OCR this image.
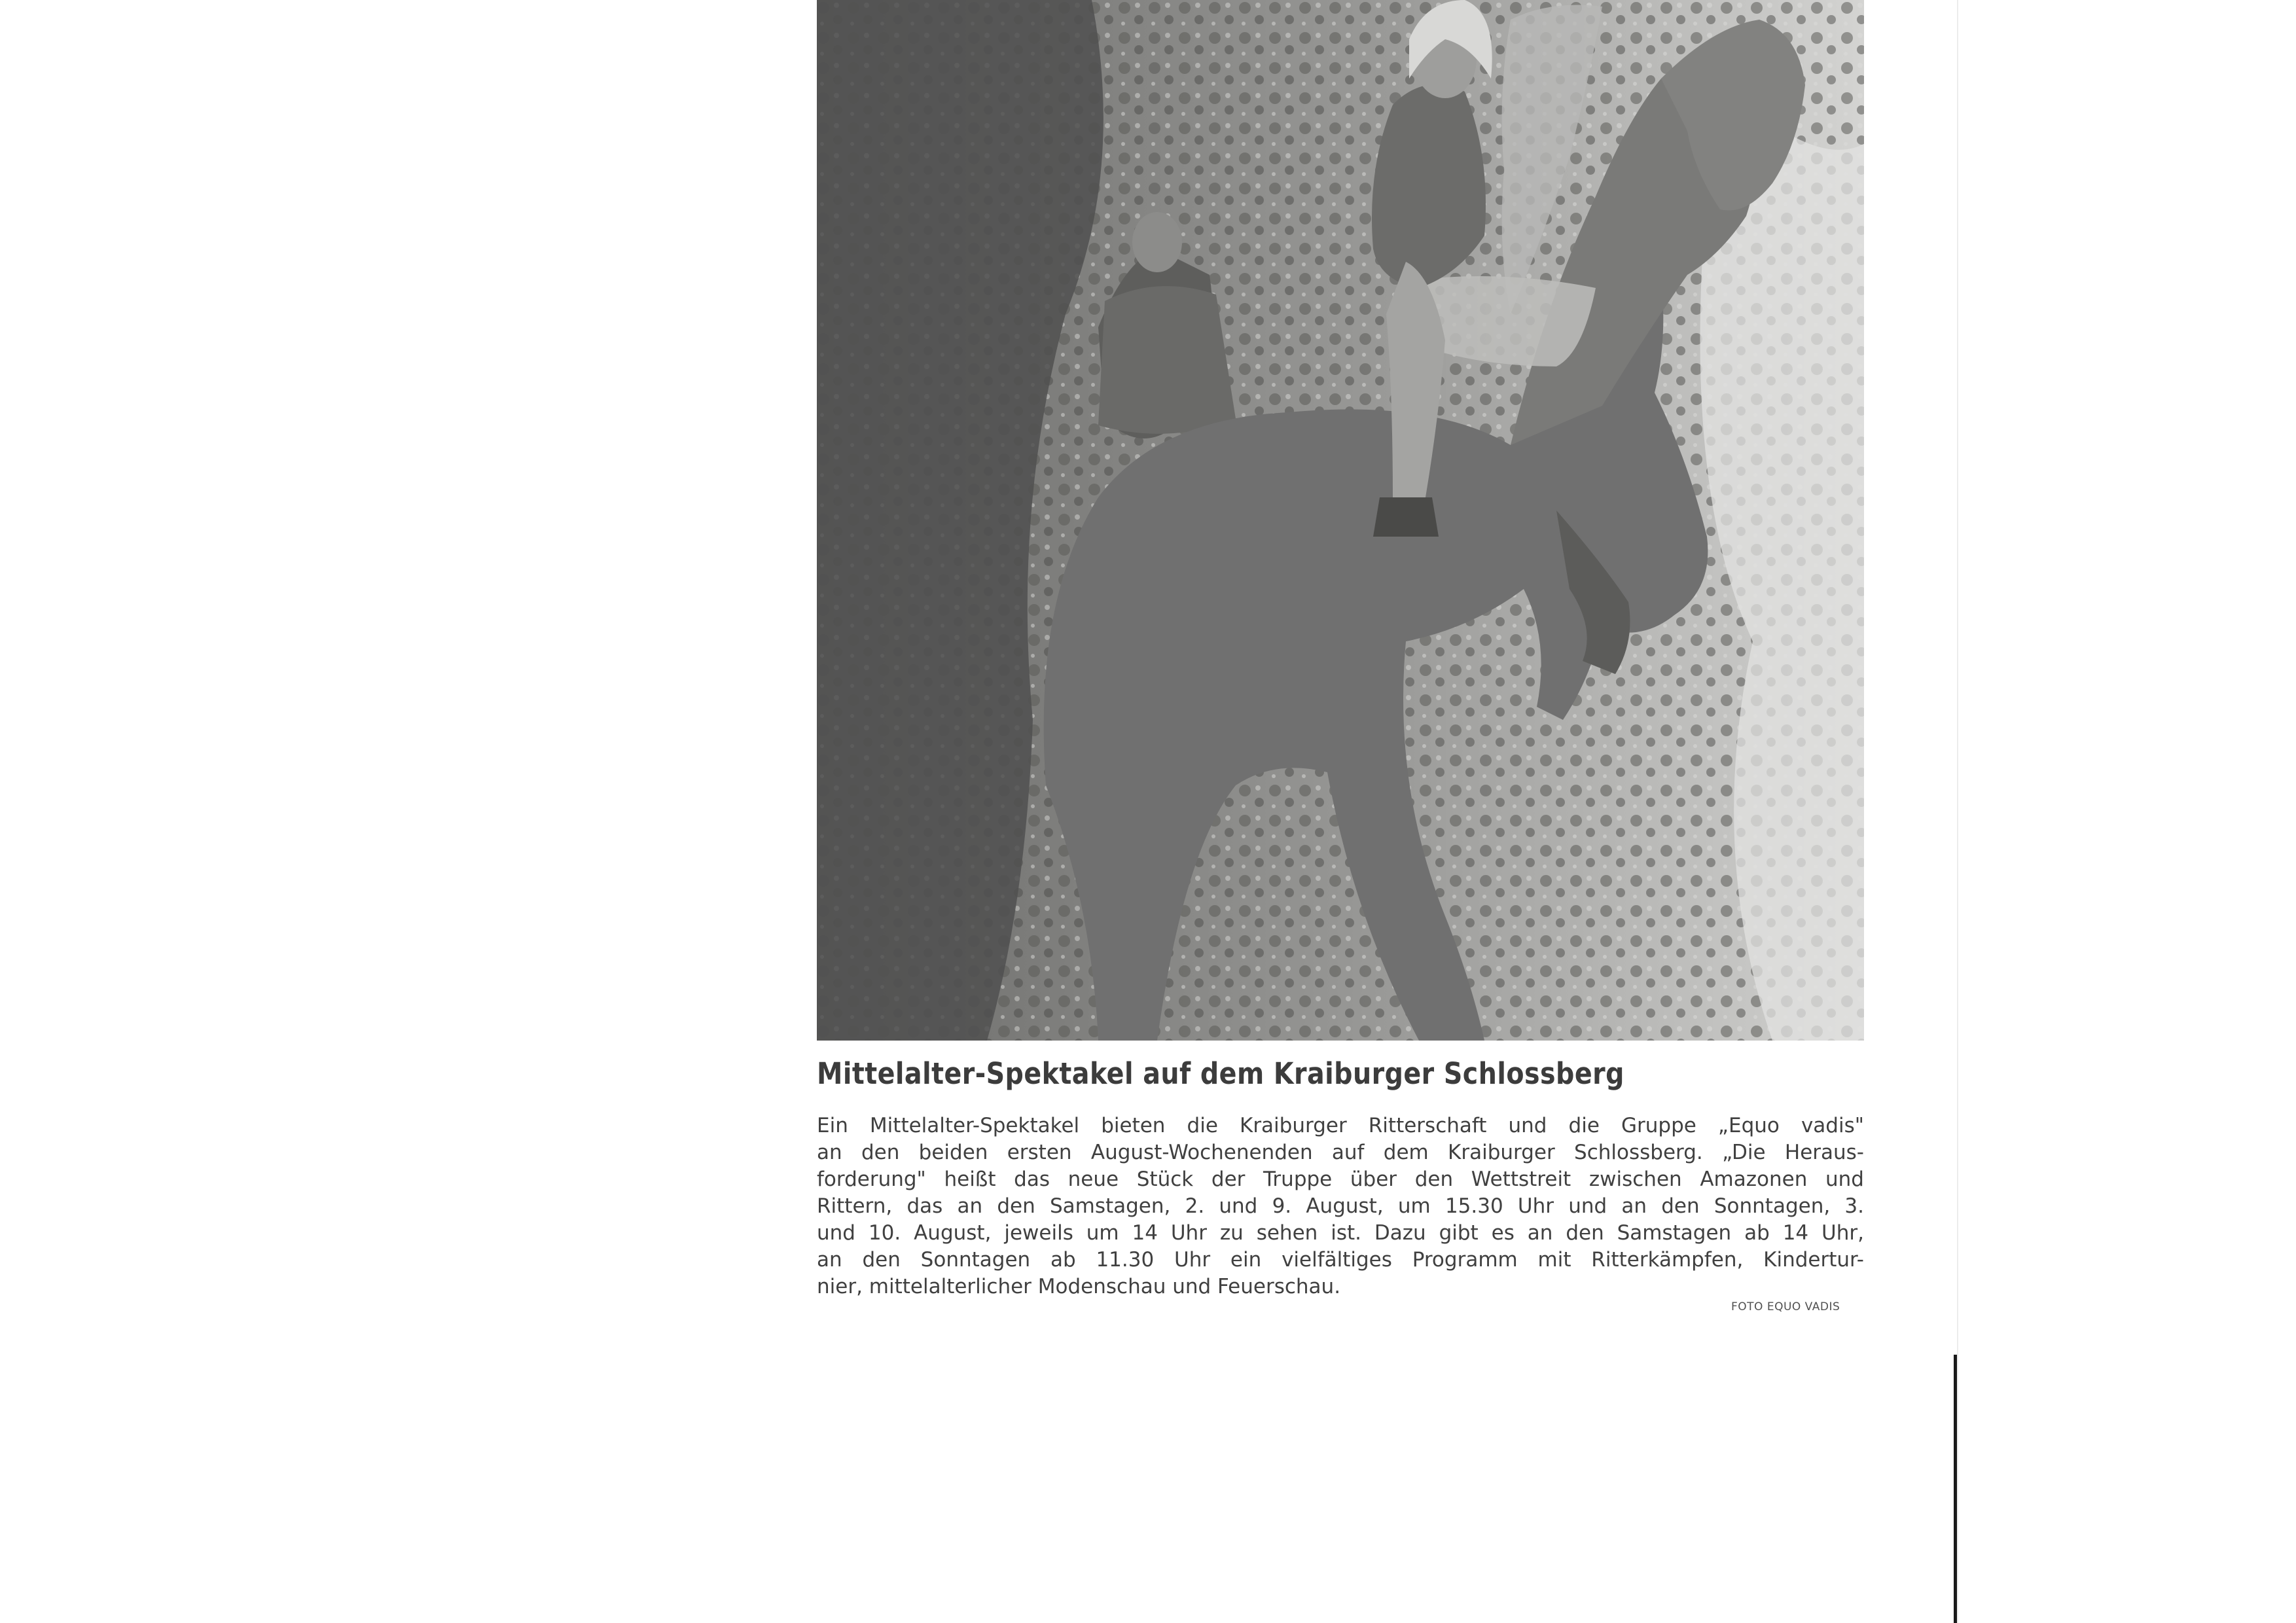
Mittelalter-Spektakel auf dem Kraiburger Schlossberg
Ein Mittelalter-Spektakel bieten die Kraiburger Ritterschaft und die Gruppe „Equo vadis"
an den beiden ersten August-Wochenenden auf dem Kraiburger Schlossberg. „Die Heraus-
forderung" heißt das neue Stück der Truppe über den Wettstreit zwischen Amazonen und
Rittern, das an den Samstagen, 2. und 9. August, um 15.30 Uhr und an den Sonntagen, 3.
und 10. August, jeweils um 14 Uhr zu sehen ist. Dazu gibt es an den Samstagen ab 14 Uhr,
an den Sonntagen ab 11.30 Uhr ein vielfältiges Programm mit Ritterkämpfen, Kindertur-
nier, mittelalterlicher Modenschau und Feuerschau.
FOTO EQUO VADIS
